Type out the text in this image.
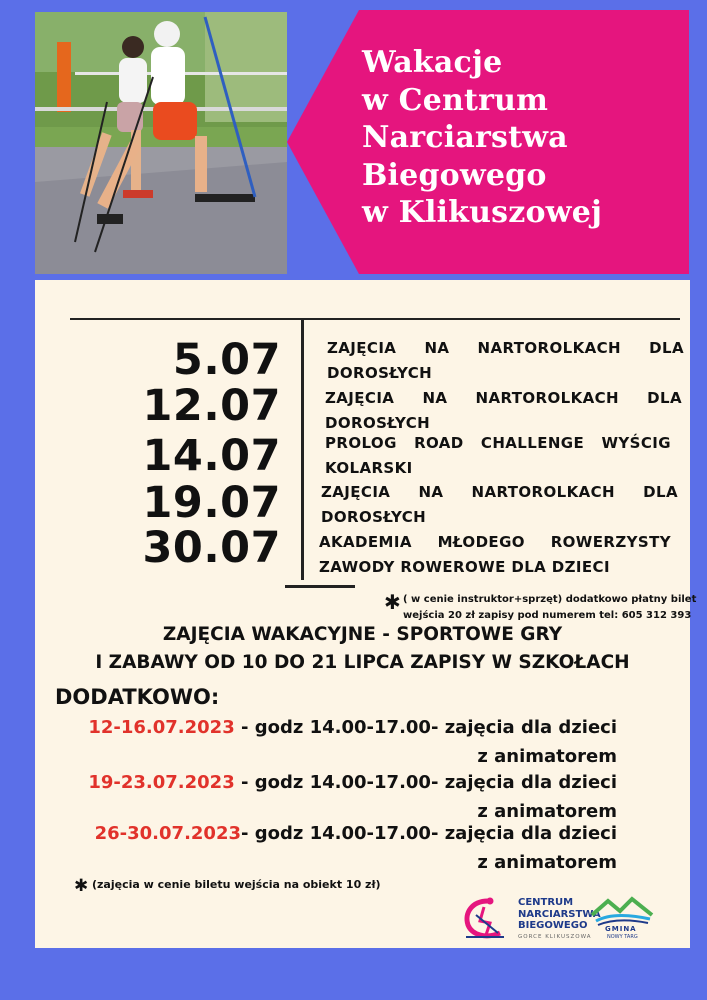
Wakacje
w Centrum
Narciarstwa
Biegowego
w Klikuszowej
5.07
12.07
14.07
19.07
30.07
ZAJĘCIA NA NARTOROLKACH DLA
DOROSŁYCH
ZAJĘCIA NA NARTOROLKACH DLA
DOROSŁYCH
PROLOG ROAD CHALLENGE WYŚCIG
KOLARSKI
ZAJĘCIA NA NARTOROLKACH DLA
DOROSŁYCH
AKADEMIA MŁODEGO ROWERZYSTY
ZAWODY ROWEROWE DLA DZIECI
✱ ( w cenie instruktor+sprzęt) dodatkowo płatny bilet
wejścia 20 zł zapisy pod numerem tel: 605 312 393
ZAJĘCIA WAKACYJNE - SPORTOWE GRY
I ZABAWY OD 10 DO 21 LIPCA ZAPISY W SZKOŁACH
DODATKOWO:
12-16.07.2023 - godz 14.00-17.00- zajęcia dla dzieci
z animatorem
19-23.07.2023 - godz 14.00-17.00- zajęcia dla dzieci
z animatorem
26-30.07.2023- godz 14.00-17.00- zajęcia dla dzieci
z animatorem
✱ (zajęcia w cenie biletu wejścia na obiekt 10 zł)
CENTRUM
NARCIARSTWA
BIEGOWEGO
GORCE KLIKUSZOWA
GMINA
NOWY TARG
